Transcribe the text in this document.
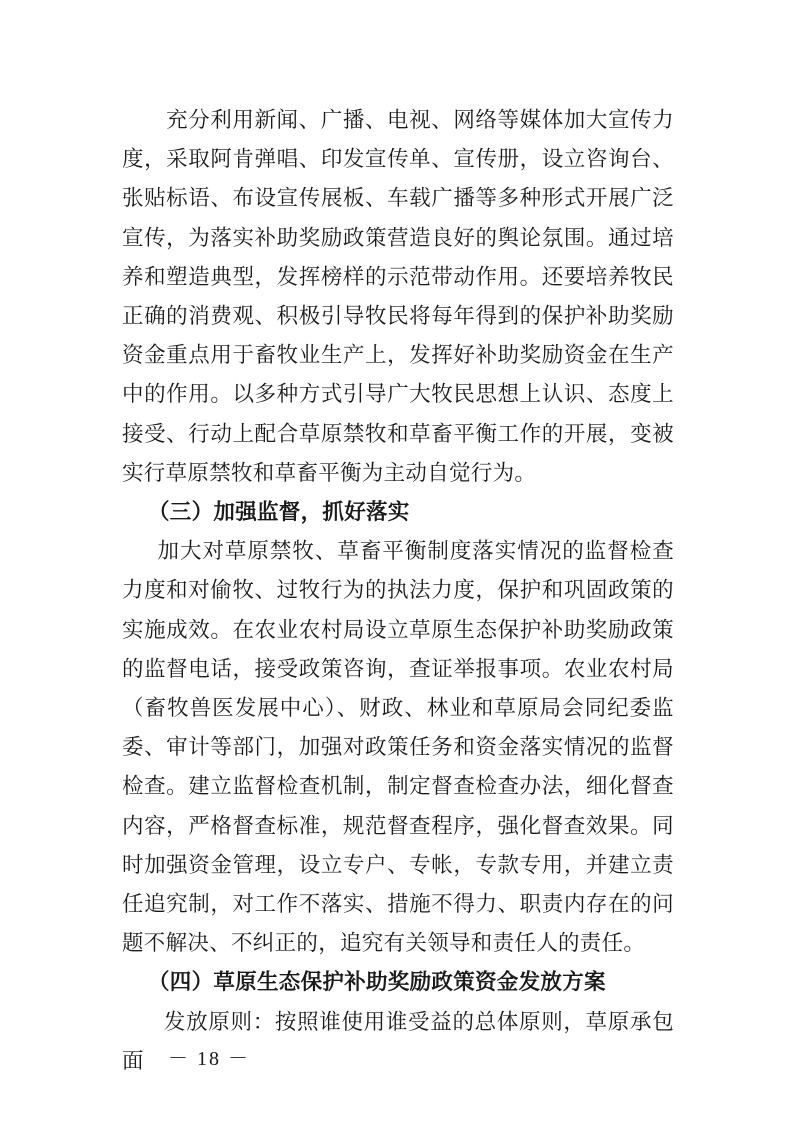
充分利用新闻、广播、电视、网络等媒体加大宣传力度，采取阿肯弹唱、印发宣传单、宣传册，设立咨询台、张贴标语、布设宣传展板、车载广播等多种形式开展广泛宣传，为落实补助奖励政策营造良好的舆论氛围。通过培养和塑造典型，发挥榜样的示范带动作用。还要培养牧民正确的消费观、积极引导牧民将每年得到的保护补助奖励资金重点用于畜牧业生产上，发挥好补助奖励资金在生产中的作用。以多种方式引导广大牧民思想上认识、态度上接受、行动上配合草原禁牧和草畜平衡工作的开展，变被实行草原禁牧和草畜平衡为主动自觉行为。

（三）加强监督，抓好落实

加大对草原禁牧、草畜平衡制度落实情况的监督检查力度和对偷牧、过牧行为的执法力度，保护和巩固政策的实施成效。在农业农村局设立草原生态保护补助奖励政策的监督电话，接受政策咨询，查证举报事项。农业农村局（畜牧兽医发展中心）、财政、林业和草原局会同纪委监委、审计等部门，加强对政策任务和资金落实情况的监督检查。建立监督检查机制，制定督查检查办法，细化督查内容，严格督查标准，规范督查程序，强化督查效果。同时加强资金管理，设立专户、专帐，专款专用，并建立责任追究制，对工作不落实、措施不得力、职责内存在的问题不解决、不纠正的，追究有关领导和责任人的责任。

（四）草原生态保护补助奖励政策资金发放方案

发放原则：按照谁使用谁受益的总体原则，草原承包面	－ 18 －
